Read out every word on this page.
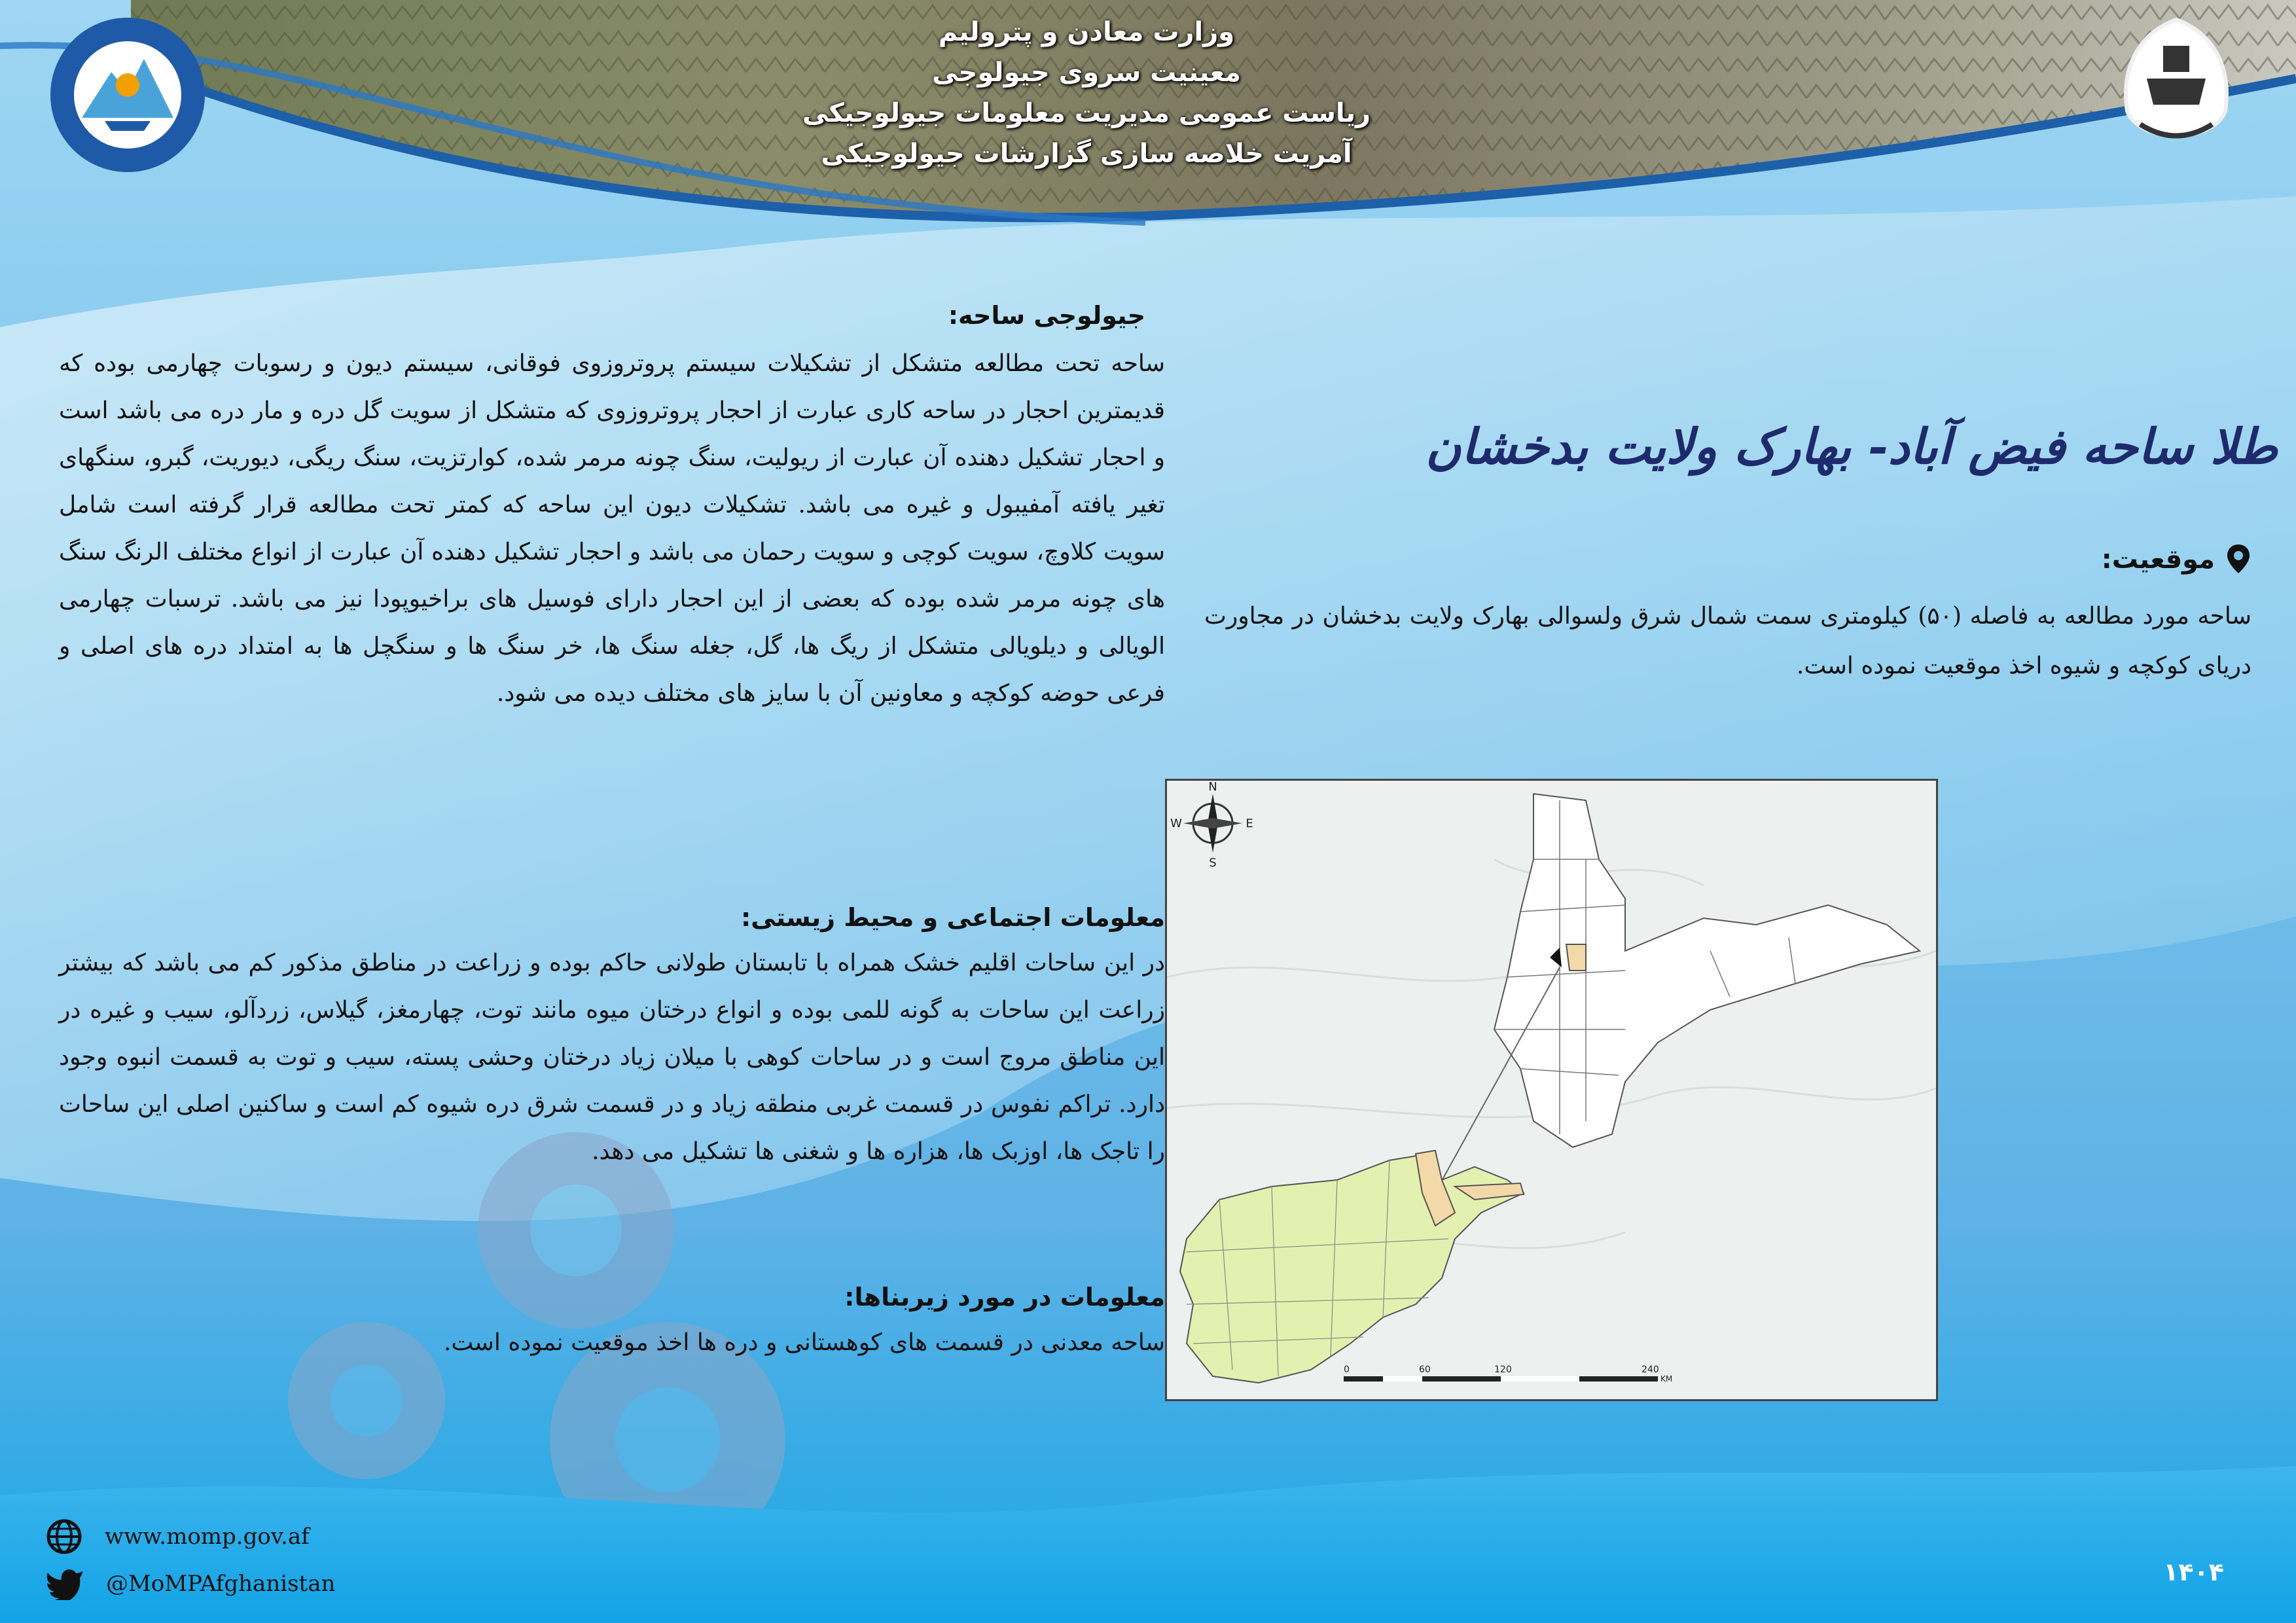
وزارت معادن و پترولیم
معینیت سروی جیولوجی
ریاست عمومی مدیریت معلومات جیولوجیکی
آمریت خلاصه سازی گزارشات جیولوجیکی
طلا ساحه فیض آباد- بهارک ولایت بدخشان
موقعیت:

ساحه مورد مطالعه به فاصله (۵۰) کیلومتری سمت شمال شرق ولسوالی بهارک ولایت بدخشان در مجاورت دریای کوکچه و شیوه اخذ موقعیت نموده است.

جیولوجی ساحه:

ساحه تحت مطالعه متشکل از تشکیلات سیستم پروتروزوی فوقانی، سیستم دیون و رسوبات چهارمی بوده که قدیمترین احجار در ساحه کاری عبارت از احجار پروتروزوی که متشکل از سویت گل دره و مار دره می باشد است و احجار تشکیل دهنده آن عبارت از ریولیت، سنگ چونه مرمر شده، کوارتزیت، سنگ ریگی، دیوریت، گبرو، سنگهای تغیر یافته آمفیبول و غیره می باشد. تشکیلات دیون این ساحه که کمتر تحت مطالعه قرار گرفته است شامل سویت کلاوچ، سویت کوچی و سویت رحمان می باشد و احجار تشکیل دهنده آن عبارت از انواع مختلف الرنگ سنگ های چونه مرمر شده بوده که بعضی از این احجار دارای فوسیل های براخیوپودا نیز می باشد. ترسبات چهارمی الویالی و دیلویالی متشکل از ریگ ها، گل، جغله سنگ ها، خر سنگ ها و سنگچل ها به امتداد دره های اصلی و فرعی حوضه کوکچه و معاونین آن با سایز های مختلف دیده می شود.

معلومات اجتماعی و محیط زیستی:

در این ساحات اقلیم خشک همراه با تابستان طولانی حاکم بوده و زراعت در مناطق مذکور کم می باشد که بیشتر زراعت این ساحات به گونه للمی بوده و انواع درختان میوه مانند توت، چهارمغز، گیلاس، زردآلو، سیب و غیره در این مناطق مروج است و در ساحات کوهی با میلان زیاد درختان وحشی پسته، سیب و توت به قسمت انبوه وجود دارد. تراکم نفوس در قسمت غربی منطقه زیاد و در قسمت شرق دره شیوه کم است و ساکنین اصلی این ساحات را تاجک ها، اوزبک ها، هزاره ها و شغنی ها تشکیل می دهد.

معلومات در مورد زیربناها:

ساحه معدنی در قسمت های کوهستانی و دره ها اخذ موقعیت نموده است.

N
S
E
W
0	60	120	240
KM
www.momp.gov.af
@MoMPAfghanistan	۱۴۰۴
